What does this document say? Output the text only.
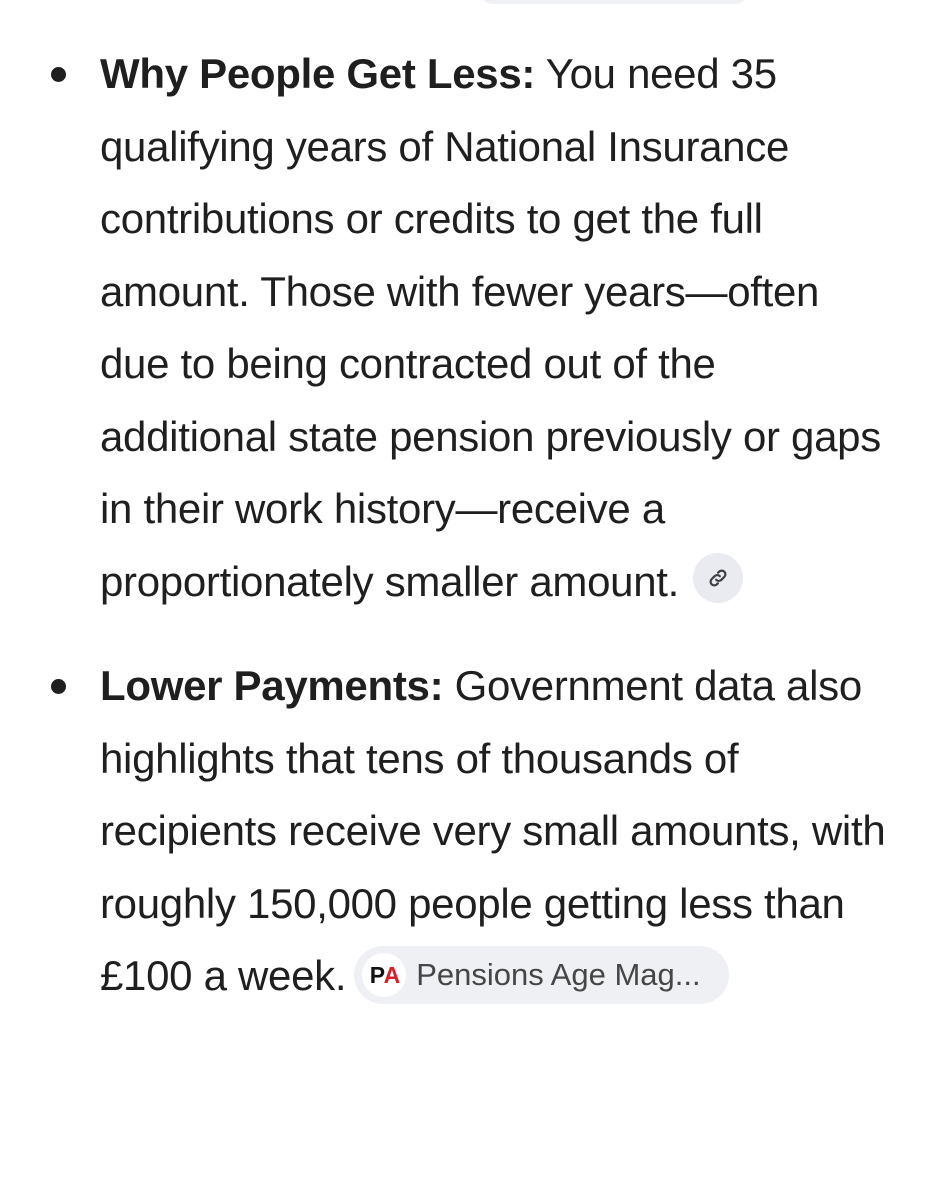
Why People Get Less: You need 35 qualifying years of National Insurance contributions or credits to get the full amount. Those with fewer years—often due to being contracted out of the additional state pension previously or gaps in their work history—receive a proportionately smaller amount.
Lower Payments: Government data also highlights that tens of thousands of recipients receive very small amounts, with roughly 150,000 people getting less than £100 a week. P A Pensions Age Mag...
